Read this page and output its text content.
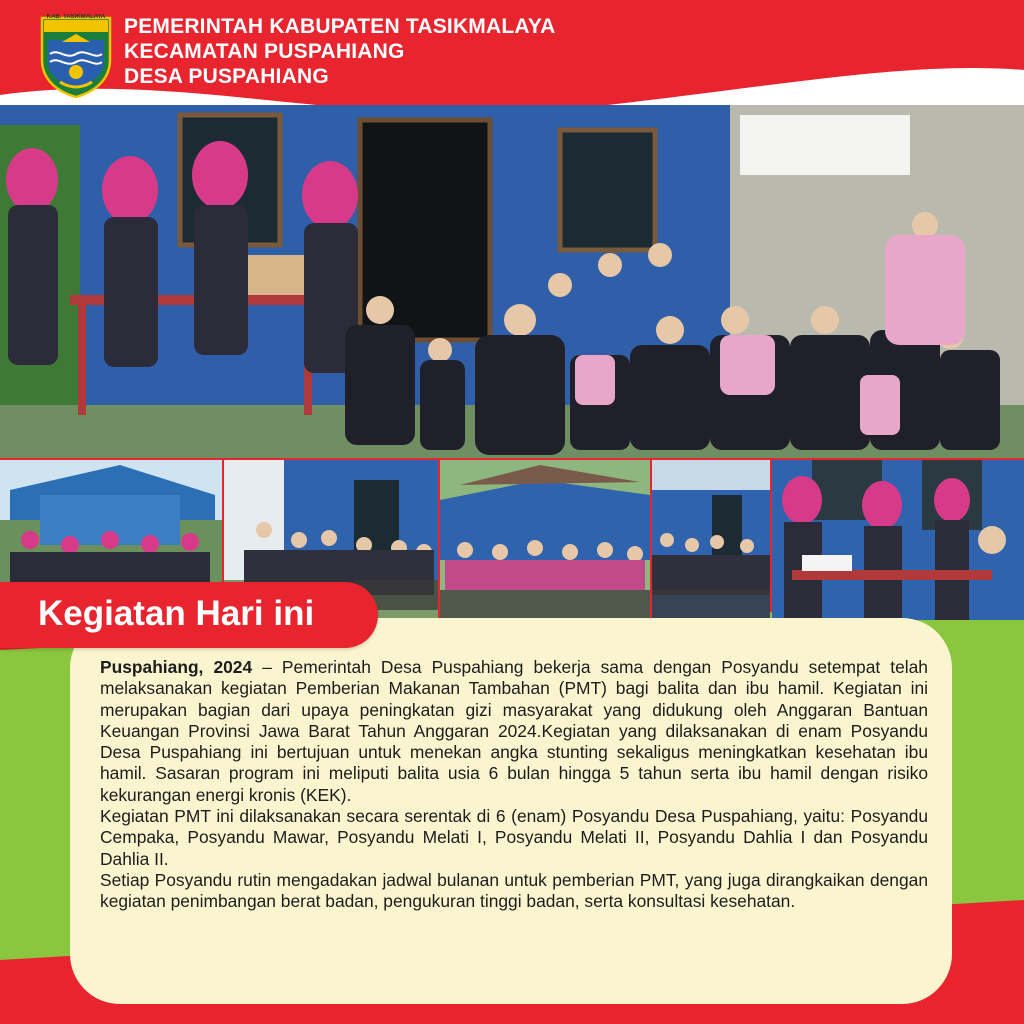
KAB. TASIKMALAYA PEMERINTAH KABUPATEN TASIKMALAYA
KECAMATAN PUSPAHIANG
DESA PUSPAHIANG
Kegiatan Hari ini

Puspahiang, 2024 – Pemerintah Desa Puspahiang bekerja sama dengan Posyandu setempat telah melaksanakan kegiatan Pemberian Makanan Tambahan (PMT) bagi balita dan ibu hamil. Kegiatan ini merupakan bagian dari upaya peningkatan gizi masyarakat yang didukung oleh Anggaran Bantuan Keuangan Provinsi Jawa Barat Tahun Anggaran 2024.Kegiatan yang dilaksanakan di enam Posyandu Desa Puspahiang ini bertujuan untuk menekan angka stunting sekaligus meningkatkan kesehatan ibu hamil. Sasaran program ini meliputi balita usia 6 bulan hingga 5 tahun serta ibu hamil dengan risiko kekurangan energi kronis (KEK).

Kegiatan PMT ini dilaksanakan secara serentak di 6 (enam) Posyandu Desa Puspahiang, yaitu: Posyandu Cempaka, Posyandu Mawar, Posyandu Melati I, Posyandu Melati II, Posyandu Dahlia I dan Posyandu Dahlia II.

Setiap Posyandu rutin mengadakan jadwal bulanan untuk pemberian PMT, yang juga dirangkaikan dengan kegiatan penimbangan berat badan, pengukuran tinggi badan, serta konsultasi kesehatan.
